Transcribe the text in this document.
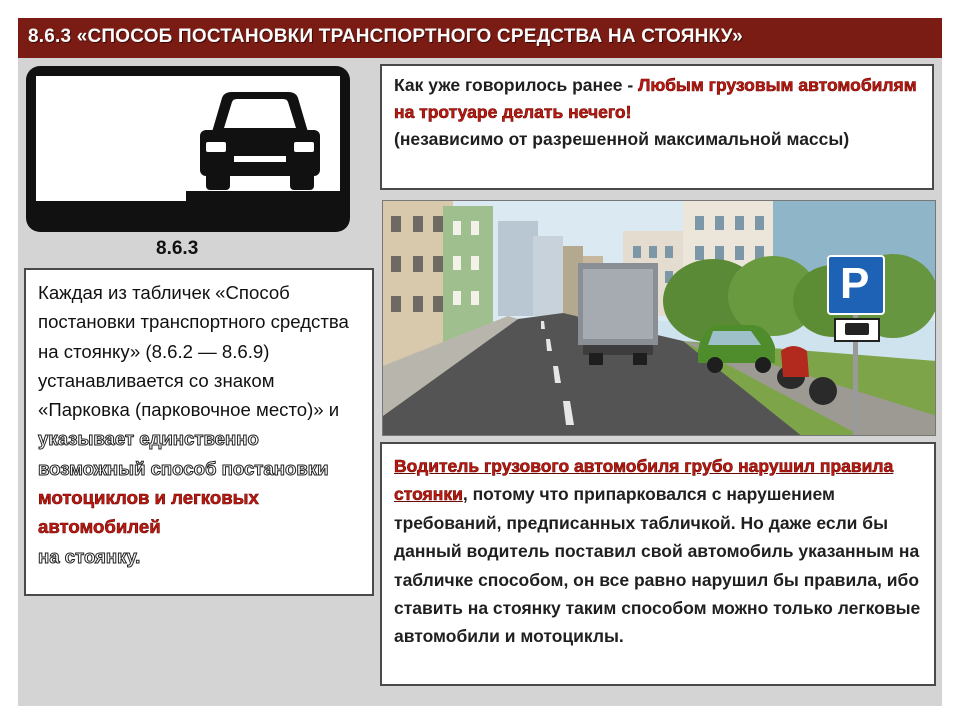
8.6.3 «СПОСОБ ПОСТАНОВКИ ТРАНСПОРТНОГО СРЕДСТВА НА СТОЯНКУ»
8.6.3
Каждая из табличек «Способ постановки транспортного средства на стоянку» (8.6.2 — 8.6.9) устанавливается со знаком «Парковка (парковочное место)» и указывает единственно возможный способ постановки мотоциклов и легковых автомобилей
на стоянку.
Как уже говорилось ранее - Любым грузовым автомобилям на тротуаре делать нечего!
(независимо от разрешенной максимальной массы)
P
Водитель грузового автомобиля грубо нарушил правила стоянки, потому что припарковался с нарушением требований, предписанных табличкой. Но даже если бы данный водитель поставил свой автомобиль указанным на табличке способом, он все равно нарушил бы правила, ибо ставить на стоянку таким способом можно только легковые автомобили и мотоциклы.
